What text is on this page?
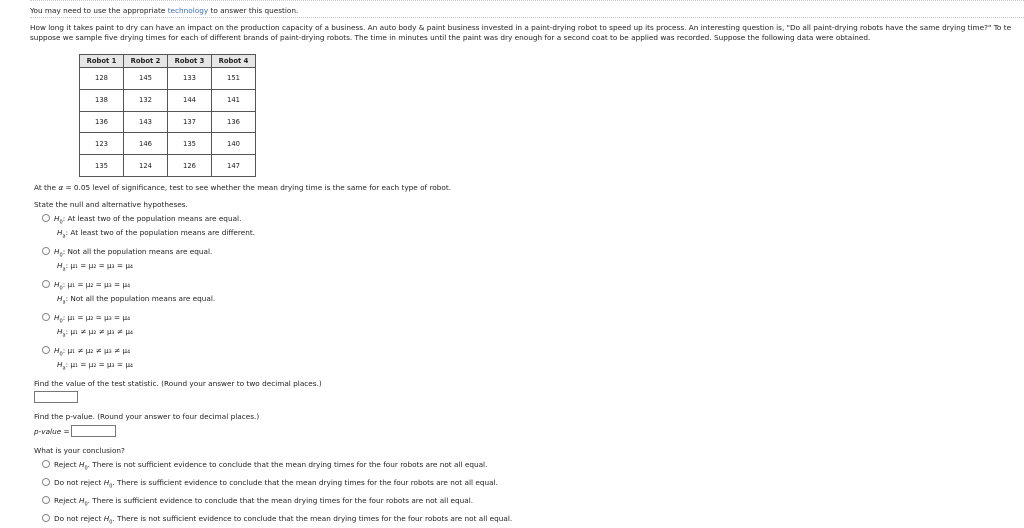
You may need to use the appropriate technology to answer this question.
How long it takes paint to dry can have an impact on the production capacity of a business. An auto body & paint business invested in a paint-drying robot to speed up its process. An interesting question is, "Do all paint-drying robots have the same drying time?" To te
suppose we sample five drying times for each of different brands of paint-drying robots. The time in minutes until the paint was dry enough for a second coat to be applied was recorded. Suppose the following data were obtained.
Robot 1	Robot 2	Robot 3	Robot 4
128	145	133	151
138	132	144	141
136	143	137	136
123	146	135	140
135	124	126	147
At the α = 0.05 level of significance, test to see whether the mean drying time is the same for each type of robot.
State the null and alternative hypotheses.
$H_0$: At least two of the population means are equal.
$H_a$: At least two of the population means are different.
$H_0$: Not all the population means are equal.
$H_a$: μ₁ = μ₂ = μ₃ = μ₄
$H_0$: μ₁ = μ₂ = μ₃ = μ₄
$H_a$: Not all the population means are equal.
$H_0$: μ₁ = μ₂ = μ₃ = μ₄
$H_a$: μ₁ ≠ μ₂ ≠ μ₃ ≠ μ₄
$H_0$: μ₁ ≠ μ₂ ≠ μ₃ ≠ μ₄
$H_a$: μ₁ = μ₂ = μ₃ = μ₄
Find the value of the test statistic. (Round your answer to two decimal places.)
Find the p-value. (Round your answer to four decimal places.)
p-value =
What is your conclusion?
Reject $H_0$. There is not sufficient evidence to conclude that the mean drying times for the four robots are not all equal.
Do not reject $H_0$. There is sufficient evidence to conclude that the mean drying times for the four robots are not all equal.
Reject $H_0$. There is sufficient evidence to conclude that the mean drying times for the four robots are not all equal.
Do not reject $H_0$. There is not sufficient evidence to conclude that the mean drying times for the four robots are not all equal.
